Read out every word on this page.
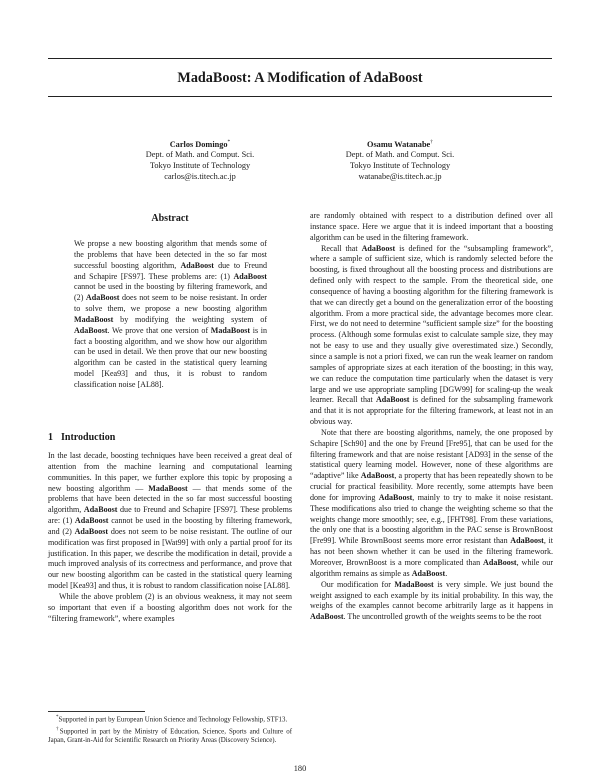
MadaBoost: A Modification of AdaBoost
Carlos Domingo*
Dept. of Math. and Comput. Sci.
Tokyo Institute of Technology
carlos@is.titech.ac.jp
Osamu Watanabe†
Dept. of Math. and Comput. Sci.
Tokyo Institute of Technology
watanabe@is.titech.ac.jp
Abstract
We propse a new boosting algorithm that mends some of the problems that have been detected in the so far most successful boosting algorithm, AdaBoost due to Freund and Schapire [FS97]. These problems are: (1) AdaBoost cannot be used in the boosting by filtering framework, and (2) AdaBoost does not seem to be noise resistant. In order to solve them, we propose a new boosting algorithm MadaBoost by modifying the weighting system of AdaBoost. We prove that one version of MadaBoost is in fact a boosting algorithm, and we show how our algorithm can be used in detail. We then prove that our new boosting algorithm can be casted in the statistical query learning model [Kea93] and thus, it is robust to random classification noise [AL88].
1 Introduction

In the last decade, boosting techniques have been received a great deal of attention from the machine learning and computational learning communities. In this paper, we further explore this topic by proposing a new boosting algorithm — MadaBoost — that mends some of the problems that have been detected in the so far most successful boosting algorithm, AdaBoost due to Freund and Schapire [FS97]. These problems are: (1) AdaBoost cannot be used in the boosting by filtering framework, and (2) AdaBoost does not seem to be noise resistant. The outline of our modification was first proposed in [Wat99] with only a partial proof for its justification. In this paper, we describe the modification in detail, provide a much improved analysis of its correctness and performance, and prove that our new boosting algorithm can be casted in the statistical query learning model [Kea93] and thus, it is robust to random classification noise [AL88].

While the above problem (2) is an obvious weakness, it may not seem so important that even if a boosting algorithm does not work for the “filtering framework”, where examples

*Supported in part by European Union Science and Technology Fellowship, STF13.

†Supported in part by the Ministry of Education, Science, Sports and Culture of Japan, Grant-in-Aid for Scientific Research on Priority Areas (Discovery Science).

are randomly obtained with respect to a distribution defined over all instance space. Here we argue that it is indeed important that a boosting algorithm can be used in the filtering framework.

Recall that AdaBoost is defined for the “subsampling framework”, where a sample of sufficient size, which is randomly selected before the boosting, is fixed throughout all the boosting process and distributions are defined only with respect to the sample. From the theoretical side, one consequence of having a boosting algorithm for the filtering framework is that we can directly get a bound on the generalization error of the boosting algorithm. From a more practical side, the advantage becomes more clear. First, we do not need to determine “sufficient sample size” for the boosting process. (Although some formulas exist to calculate sample size, they may not be easy to use and they usually give overestimated size.) Secondly, since a sample is not a priori fixed, we can run the weak learner on random samples of appropriate sizes at each iteration of the boosting; in this way, we can reduce the computation time particularly when the dataset is very large and we use appropriate sampling [DGW99] for scaling-up the weak learner. Recall that AdaBoost is defined for the subsampling framework and that it is not appropriate for the filtering framework, at least not in an obvious way.

Note that there are boosting algorithms, namely, the one proposed by Schapire [Sch90] and the one by Freund [Fre95], that can be used for the filtering framework and that are noise resistant [AD93] in the sense of the statistical query learning model. However, none of these algorithms are “adaptive” like AdaBoost, a property that has been repeatedly shown to be crucial for practical feasibility. More recently, some attempts have been done for improving AdaBoost, mainly to try to make it noise resistant. These modifications also tried to change the weighting scheme so that the weights change more smoothly; see, e.g., [FHT98]. From these variations, the only one that is a boosting algorithm in the PAC sense is BrownBoost [Fre99]. While BrownBoost seems more error resistant than AdaBoost, it has not been shown whether it can be used in the filtering framework. Moreover, BrownBoost is a more complicated than AdaBoost, while our algorithm remains as simple as AdaBoost.

Our modification for MadaBoost is very simple. We just bound the weight assigned to each example by its initial probability. In this way, the weighs of the examples cannot become arbitrarily large as it happens in AdaBoost. The uncontrolled growth of the weights seems to be the root

180
